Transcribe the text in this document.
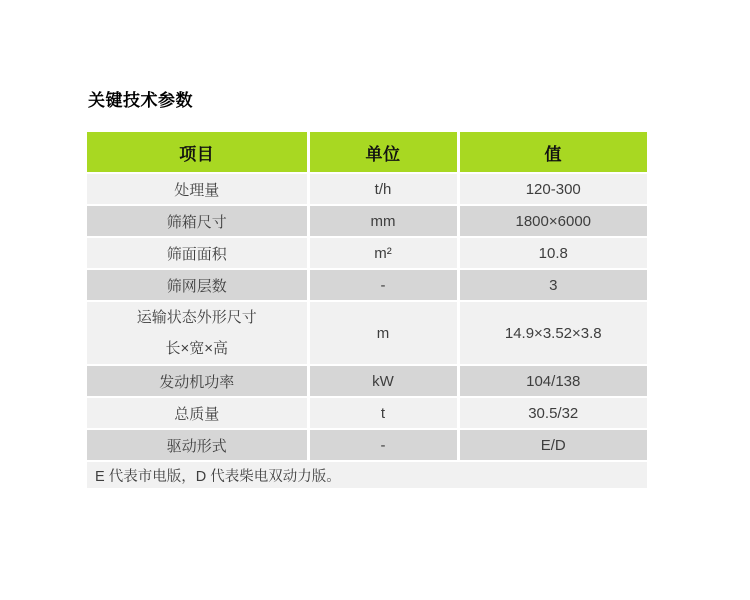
关键技术参数
项目	单位	值
处理量	t/h	120-300
筛箱尺寸	mm	1800×6000
筛面面积	m²	10.8
筛网层数	-	3

运输状态外形尺寸
长×宽×高	m	14.9×3.52×3.8
发动机功率	kW	104/138
总质量	t	30.5/32
驱动形式	-	E/D
E 代表市电版，D 代表柴电双动力版。		
